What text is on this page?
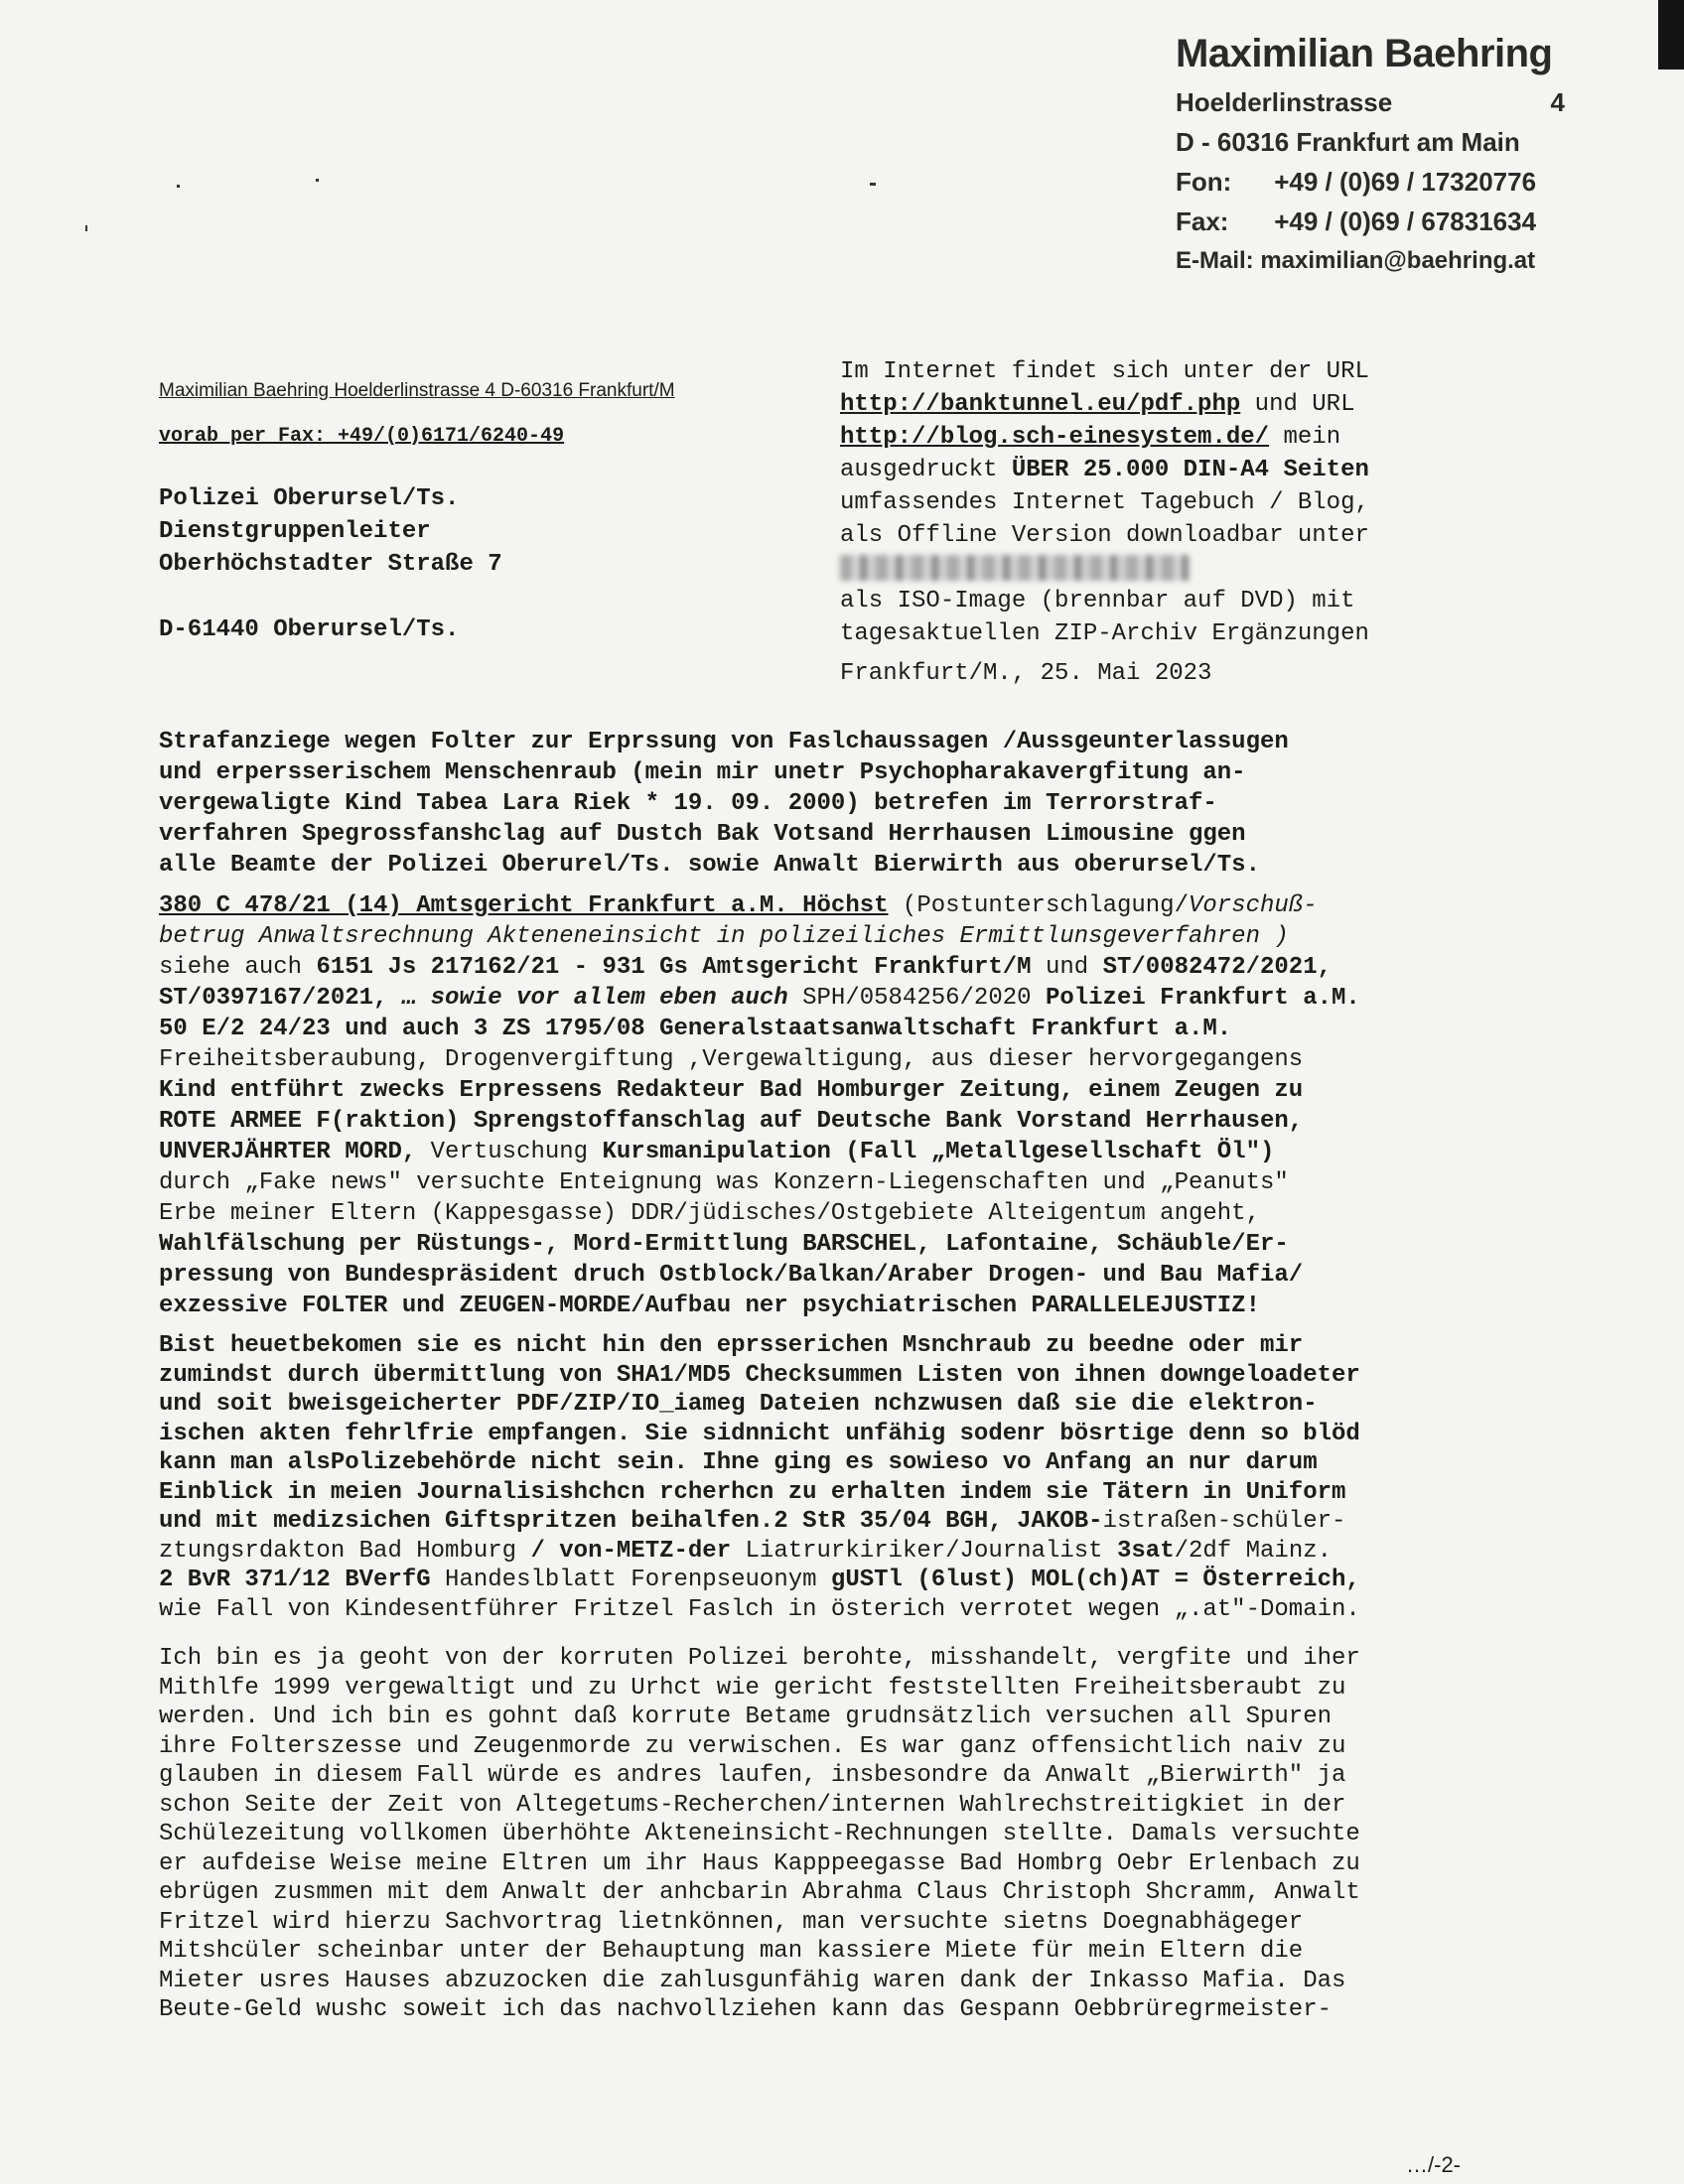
Maximilian Baehring
Hoelderlinstrasse	4
D - 60316 Frankfurt am Main
Fon: +49 / (0)69 / 17320776
Fax: +49 / (0)69 / 67831634
E-Mail: maximilian@baehring.at
Maximilian Baehring Hoelderlinstrasse 4 D-60316 Frankfurt/M
vorab per Fax: +49/(0)6171/6240-49
Polizei Oberursel/Ts.
Dienstgruppenleiter
Oberhöchstadter Straße 7
D-61440 Oberursel/Ts.
Im Internet findet sich unter der URL
http://banktunnel.eu/pdf.php und URL
http://blog.sch-einesystem.de/ mein
ausgedruckt ÜBER 25.000 DIN-A4 Seiten
umfassendes Internet Tagebuch / Blog,
als Offline Version downloadbar unter
als ISO-Image (brennbar auf DVD) mit
tagesaktuellen ZIP-Archiv Ergänzungen
Frankfurt/M., 25. Mai 2023
Strafanziege wegen Folter zur Erprssung von Faslchaussagen /Aussgeunterlassugen
und erpersserischem Menschenraub (mein mir unetr Psychopharakavergfitung an-
vergewaligte Kind Tabea Lara Riek * 19. 09. 2000) betrefen im Terrorstraf-
verfahren Spegrossfanshclag auf Dustch Bak Votsand Herrhausen Limousine ggen
alle Beamte der Polizei Oberurel/Ts. sowie Anwalt Bierwirth aus oberursel/Ts.
380 C 478/21 (14) Amtsgericht Frankfurt a.M. Höchst (Postunterschlagung/Vorschuß-
betrug Anwaltsrechnung Akteneneinsicht in polizeiliches Ermittlunsgeverfahren )
siehe auch 6151 Js 217162/21 - 931 Gs Amtsgericht Frankfurt/M und ST/0082472/2021,
ST/0397167/2021, … sowie vor allem eben auch SPH/0584256/2020 Polizei Frankfurt a.M.
50 E/2 24/23 und auch 3 ZS 1795/08 Generalstaatsanwaltschaft Frankfurt a.M.
Freiheitsberaubung, Drogenvergiftung ,Vergewaltigung, aus dieser hervorgegangens
Kind entführt zwecks Erpressens Redakteur Bad Homburger Zeitung, einem Zeugen zu
ROTE ARMEE F(raktion) Sprengstoffanschlag auf Deutsche Bank Vorstand Herrhausen,
UNVERJÄHRTER MORD, Vertuschung Kursmanipulation (Fall „Metallgesellschaft Öl")
durch „Fake news" versuchte Enteignung was Konzern-Liegenschaften und „Peanuts"
Erbe meiner Eltern (Kappesgasse) DDR/jüdisches/Ostgebiete Alteigentum angeht,
Wahlfälschung per Rüstungs-, Mord-Ermittlung BARSCHEL, Lafontaine, Schäuble/Er-
pressung von Bundespräsident druch Ostblock/Balkan/Araber Drogen- und Bau Mafia/
exzessive FOLTER und ZEUGEN-MORDE/Aufbau ner psychiatrischen PARALLELEJUSTIZ!
Bist heuetbekomen sie es nicht hin den eprsserichen Msnchraub zu beedne oder mir
zumindst durch übermittlung von SHA1/MD5 Checksummen Listen von ihnen downgeloadeter
und soit bweisgeicherter PDF/ZIP/IO_iameg Dateien nchzwusen daß sie die elektron-
ischen akten fehrlfrie empfangen. Sie sidnnicht unfähig sodenr bösrtige denn so blöd
kann man alsPolizebehörde nicht sein. Ihne ging es sowieso vo Anfang an nur darum
Einblick in meien Journalisishchcn rcherhcn zu erhalten indem sie Tätern in Uniform
und mit medizsichen Giftspritzen beihalfen.2 StR 35/04 BGH, JAKOB-istraßen-schüler-
ztungsrdakton Bad Homburg / von-METZ-der Liatrurkiriker/Journalist 3sat/2df Mainz.
2 BvR 371/12 BVerfG Handeslblatt Forenpseuonym gUSTl (6lust) MOL(ch)AT = Österreich,
wie Fall von Kindesentführer Fritzel Faslch in österich verrotet wegen „.at"-Domain.
Ich bin es ja geoht von der korruten Polizei berohte, misshandelt, vergfite und iher
Mithlfe 1999 vergewaltigt und zu Urhct wie gericht feststellten Freiheitsberaubt zu
werden. Und ich bin es gohnt daß korrute Betame grudnsätzlich versuchen all Spuren
ihre Folterszesse und Zeugenmorde zu verwischen. Es war ganz offensichtlich naiv zu
glauben in diesem Fall würde es andres laufen, insbesondre da Anwalt „Bierwirth" ja
schon Seite der Zeit von Altegetums-Recherchen/internen Wahlrechstreitigkiet in der
Schülezeitung vollkomen überhöhte Akteneinsicht-Rechnungen stellte. Damals versuchte
er aufdeise Weise meine Eltren um ihr Haus Kapppeegasse Bad Hombrg Oebr Erlenbach zu
ebrügen zusmmen mit dem Anwalt der anhcbarin Abrahma Claus Christoph Shcramm, Anwalt
Fritzel wird hierzu Sachvortrag lietnkönnen, man versuchte sietns Doegnabhägeger
Mitshcüler scheinbar unter der Behauptung man kassiere Miete für mein Eltern die
Mieter usres Hauses abzuzocken die zahlusgunfähig waren dank der Inkasso Mafia. Das
Beute-Geld wushc soweit ich das nachvollziehen kann das Gespann Oebbrüregrmeister-
…/-2-
